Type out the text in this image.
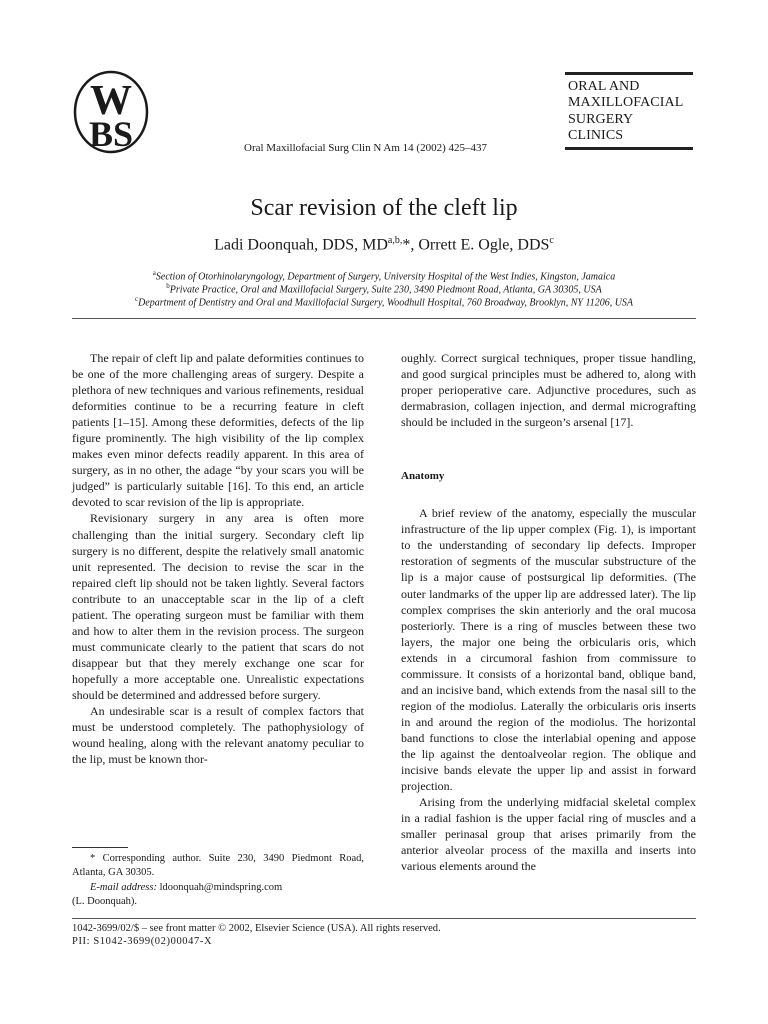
W
BS
ORAL AND
MAXILLOFACIAL
SURGERY
CLINICS
Oral Maxillofacial Surg Clin N Am 14 (2002) 425–437
Scar revision of the cleft lip
Ladi Doonquah, DDS, $MD^{a,b,}*$, Orrett E. Ogle, DDS$^c$
$^a$Section of Otorhinolaryngology, Department of Surgery, University Hospital of the West Indies, Kingston, Jamaica
$^b$Private Practice, Oral and Maxillofacial Surgery, Suite 230, 3490 Piedmont Road, Atlanta, GA 30305, USA
$^c$Department of Dentistry and Oral and Maxillofacial Surgery, Woodhull Hospital, 760 Broadway, Brooklyn, NY 11206, USA

The repair of cleft lip and palate deformities continues to be one of the more challenging areas of surgery. Despite a plethora of new techniques and various refinements, residual deformities continue to be a recurring feature in cleft patients [1–15]. Among these deformities, defects of the lip figure prominently. The high visibility of the lip complex makes even minor defects readily apparent. In this area of surgery, as in no other, the adage “by your scars you will be judged” is particularly suitable [16]. To this end, an article devoted to scar revision of the lip is appropriate.

Revisionary surgery in any area is often more challenging than the initial surgery. Secondary cleft lip surgery is no different, despite the relatively small anatomic unit represented. The decision to revise the scar in the repaired cleft lip should not be taken lightly. Several factors contribute to an unacceptable scar in the lip of a cleft patient. The operating surgeon must be familiar with them and how to alter them in the revision process. The surgeon must communicate clearly to the patient that scars do not disappear but that they merely exchange one scar for hopefully a more acceptable one. Unrealistic expectations should be determined and addressed before surgery.

An undesirable scar is a result of complex factors that must be understood completely. The pathophysiology of wound healing, along with the relevant anatomy peculiar to the lip, must be known thor-

oughly. Correct surgical techniques, proper tissue handling, and good surgical principles must be adhered to, along with proper perioperative care. Adjunctive procedures, such as dermabrasion, collagen injection, and dermal micrografting should be included in the surgeon’s arsenal [17].

Anatomy

A brief review of the anatomy, especially the muscular infrastructure of the lip upper complex (Fig. 1), is important to the understanding of secondary lip defects. Improper restoration of segments of the muscular substructure of the lip is a major cause of postsurgical lip deformities. (The outer landmarks of the upper lip are addressed later). The lip complex comprises the skin anteriorly and the oral mucosa posteriorly. There is a ring of muscles between these two layers, the major one being the orbicularis oris, which extends in a circumoral fashion from commissure to commissure. It consists of a horizontal band, oblique band, and an incisive band, which extends from the nasal sill to the region of the modiolus. Laterally the orbicularis oris inserts in and around the region of the modiolus. The horizontal band functions to close the interlabial opening and appose the lip against the dentoalveolar region. The oblique and incisive bands elevate the upper lip and assist in forward projection.

Arising from the underlying midfacial skeletal complex in a radial fashion is the upper facial ring of muscles and a smaller perinasal group that arises primarily from the anterior alveolar process of the maxilla and inserts into various elements around the

* Corresponding author. Suite 230, 3490 Piedmont Road, Atlanta, GA 30305.

E-mail address: ldoonquah@mindspring.com

(L. Doonquah).

1042-3699/02/$ – see front matter © 2002, Elsevier Science (USA). All rights reserved.
PII: S1042-3699(02)00047-X
